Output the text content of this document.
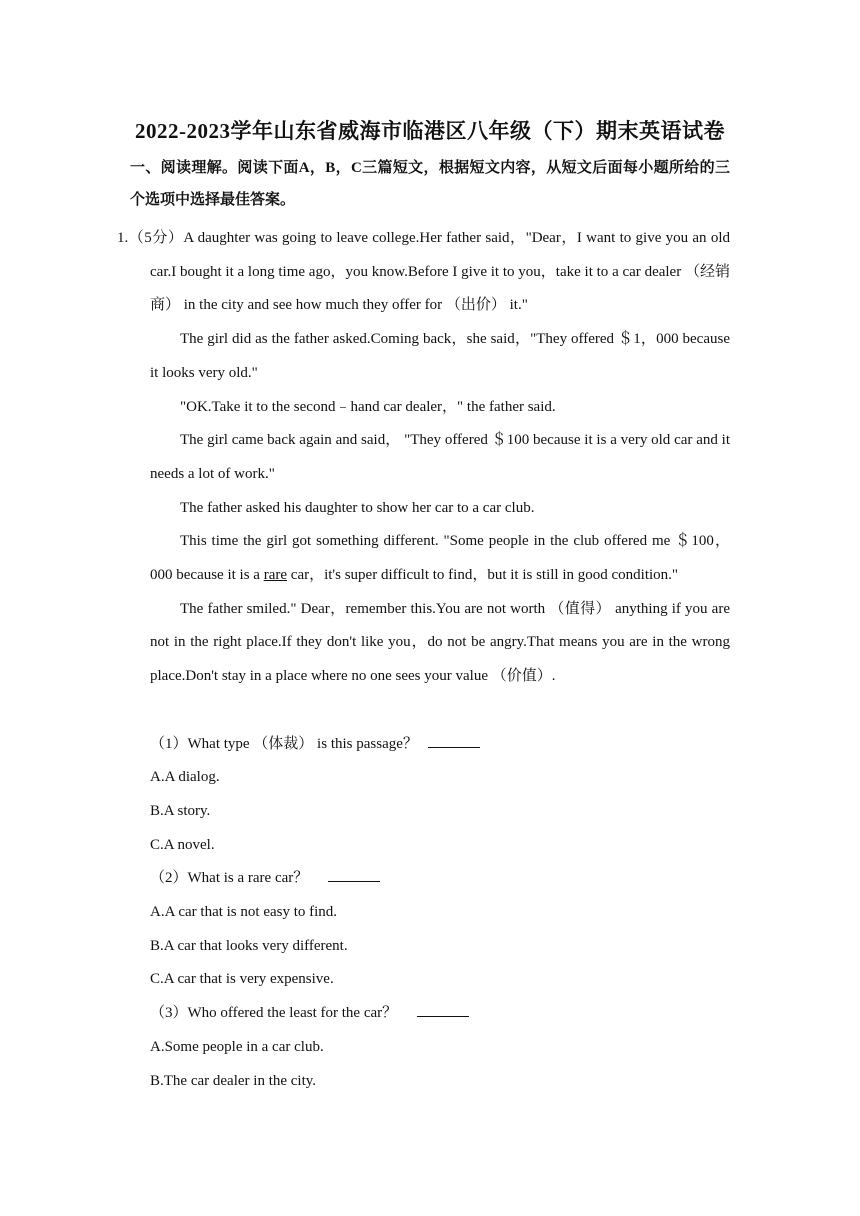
2022-2023学年山东省威海市临港区八年级（下）期末英语试卷
一、阅读理解。阅读下面A，B，C三篇短文，根据短文内容，从短文后面每小题所给的三个选项中选择最佳答案。

1.（5分）A daughter was going to leave college.Her father said，"Dear，I want to give you an old car.I bought it a long time ago，you know.Before I give it to you，take it to a car dealer （经销商） in the city and see how much they offer for （出价） it."

The girl did as the father asked.Coming back，she said，"They offered ＄1，000 because it looks very old."

"OK.Take it to the second﹣hand car dealer，" the father said.

The girl came back again and said， "They offered ＄100 because it is a very old car and it needs a lot of work."

The father asked his daughter to show her car to a car club.

This time the girl got something different. "Some people in the club offered me ＄100，000 because it is a rare car，it's super difficult to find，but it is still in good condition."

The father smiled." Dear，remember this.You are not worth （值得） anything if you are not in the right place.If they don't like you，do not be angry.That means you are in the wrong place.Don't stay in a place where no one sees your value （价值）.

（1）What type （体裁） is this passage？

A.A dialog.

B.A story.

C.A novel.

（2）What is a rare car？

A.A car that is not easy to find.

B.A car that looks very different.

C.A car that is very expensive.

（3）Who offered the least for the car？

A.Some people in a car club.

B.The car dealer in the city.
